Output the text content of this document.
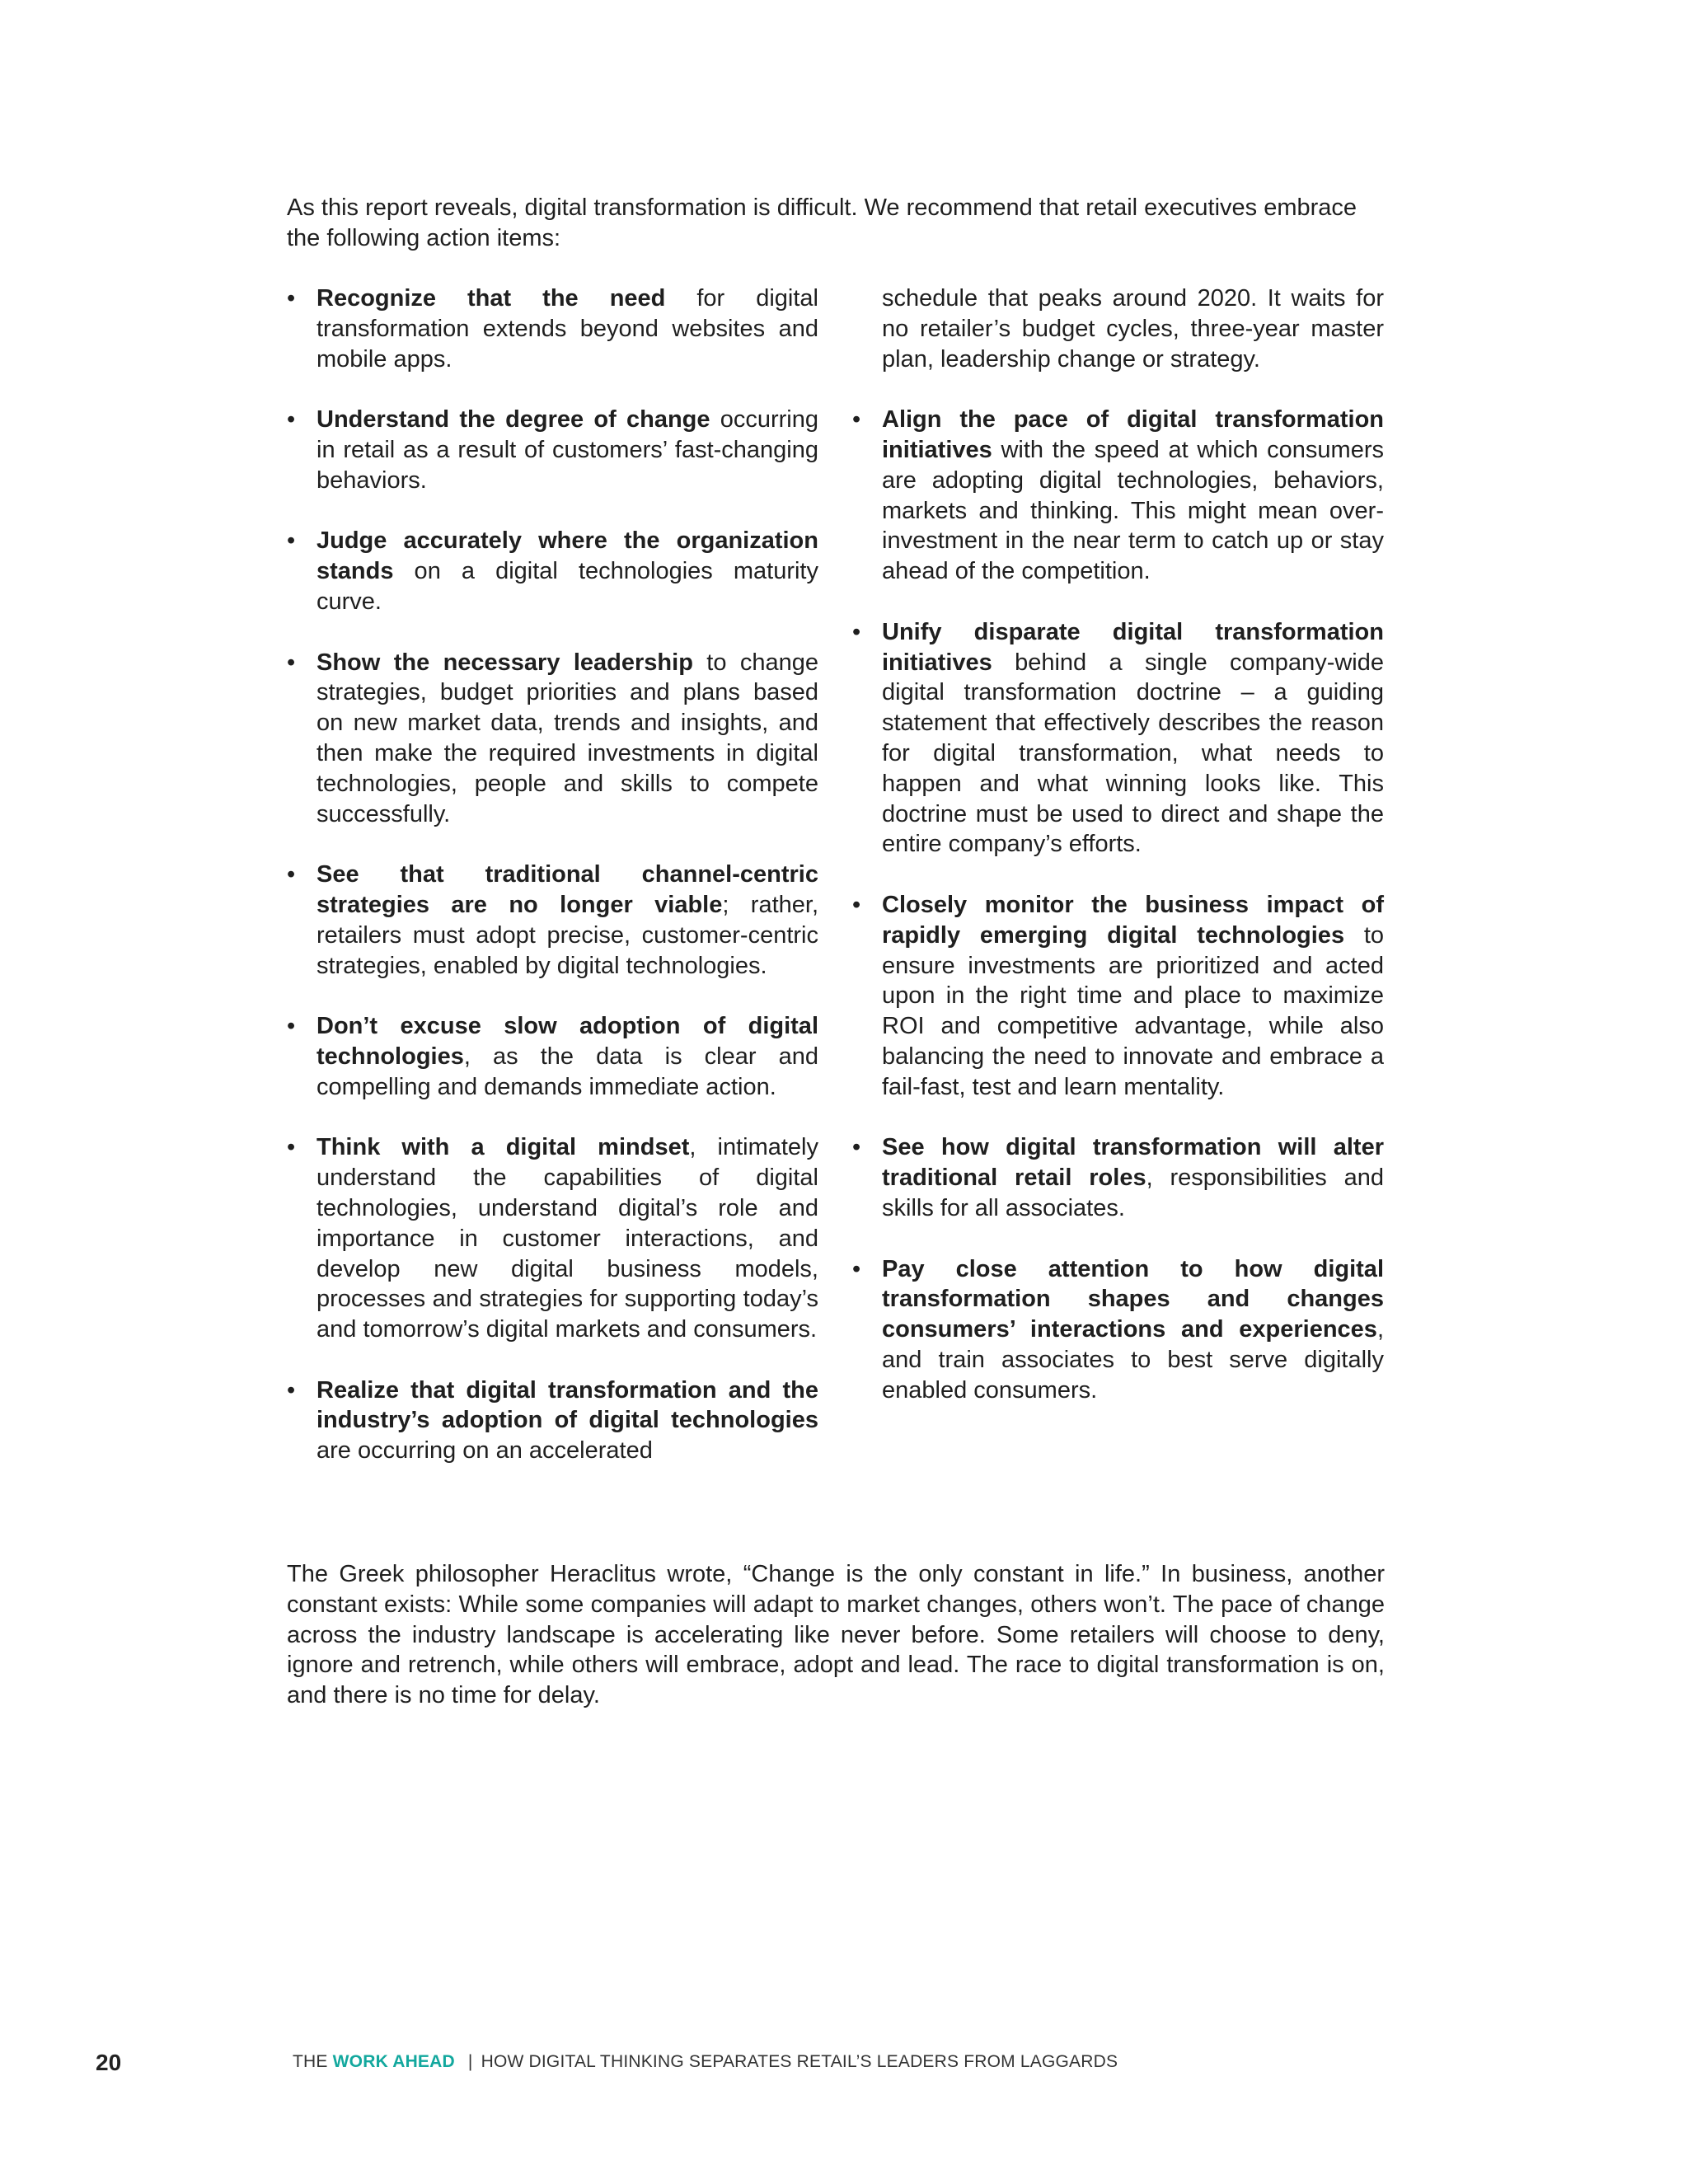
As this report reveals, digital transformation is difficult. We recommend that retail executives embrace the following action items:

• Recognize that the need for digital transformation extends beyond websites and mobile apps.
• Understand the degree of change occurring in retail as a result of customers’ fast-changing behaviors.
• Judge accurately where the organization stands on a digital technologies maturity curve.
• Show the necessary leadership to change strategies, budget priorities and plans based on new market data, trends and insights, and then make the required investments in digital technologies, people and skills to compete successfully.
• See that traditional channel-centric strategies are no longer viable; rather, retailers must adopt precise, customer-centric strategies, enabled by digital technologies.
• Don’t excuse slow adoption of digital technologies, as the data is clear and compelling and demands immediate action.
• Think with a digital mindset, intimately understand the capabilities of digital technologies, understand digital’s role and importance in customer interactions, and develop new digital business models, processes and strategies for supporting today’s and tomorrow’s digital markets and consumers.
• Realize that digital transformation and the industry’s adoption of digital technologies are occurring on an accelerated
schedule that peaks around 2020. It waits for no retailer’s budget cycles, three-year master plan, leadership change or strategy.
• Align the pace of digital transformation initiatives with the speed at which consumers are adopting digital technologies, behaviors, markets and thinking. This might mean over-investment in the near term to catch up or stay ahead of the competition.
• Unify disparate digital transformation initiatives behind a single company-wide digital transformation doctrine – a guiding statement that effectively describes the reason for digital transformation, what needs to happen and what winning looks like. This doctrine must be used to direct and shape the entire company’s efforts.
• Closely monitor the business impact of rapidly emerging digital technologies to ensure investments are prioritized and acted upon in the right time and place to maximize ROI and competitive advantage, while also balancing the need to innovate and embrace a fail-fast, test and learn mentality.
• See how digital transformation will alter traditional retail roles, responsibilities and skills for all associates.
• Pay close attention to how digital transformation shapes and changes consumers’ interactions and experiences, and train associates to best serve digitally enabled consumers.

The Greek philosopher Heraclitus wrote, “Change is the only constant in life.” In business, another constant exists: While some companies will adapt to market changes, others won’t. The pace of change across the industry landscape is accelerating like never before. Some retailers will choose to deny, ignore and retrench, while others will embrace, adopt and lead. The race to digital transformation is on, and there is no time for delay.

20	THE WORK AHEAD | HOW DIGITAL THINKING SEPARATES RETAIL’S LEADERS FROM LAGGARDS
